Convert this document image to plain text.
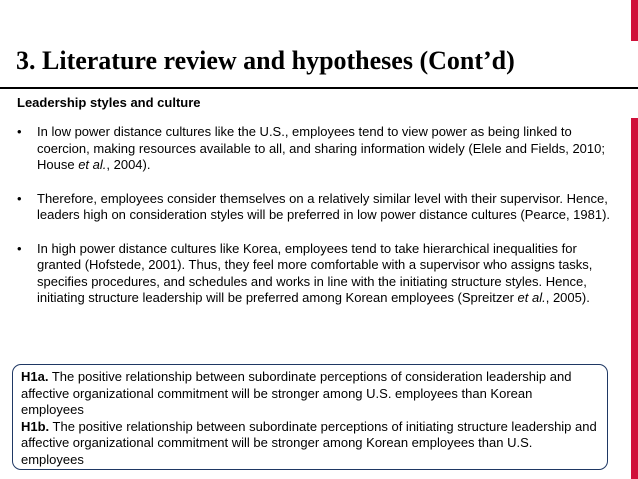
3. Literature review and hypotheses (Cont’d)
Leadership styles and culture
• In low power distance cultures like the U.S., employees tend to view power as being linked to coercion, making resources available to all, and sharing information widely (Elele and Fields, 2010; House et al., 2004).
• Therefore, employees consider themselves on a relatively similar level with their supervisor. Hence, leaders high on consideration styles will be preferred in low power distance cultures (Pearce, 1981).
• In high power distance cultures like Korea, employees tend to take hierarchical inequalities for granted (Hofstede, 2001). Thus, they feel more comfortable with a supervisor who assigns tasks, specifies procedures, and schedules and works in line with the initiating structure styles. Hence, initiating structure leadership will be preferred among Korean employees (Spreitzer et al., 2005).

H1a. The positive relationship between subordinate perceptions of consideration leadership and affective organizational commitment will be stronger among U.S. employees than Korean employees

H1b. The positive relationship between subordinate perceptions of initiating structure leadership and affective organizational commitment will be stronger among Korean employees than U.S. employees
